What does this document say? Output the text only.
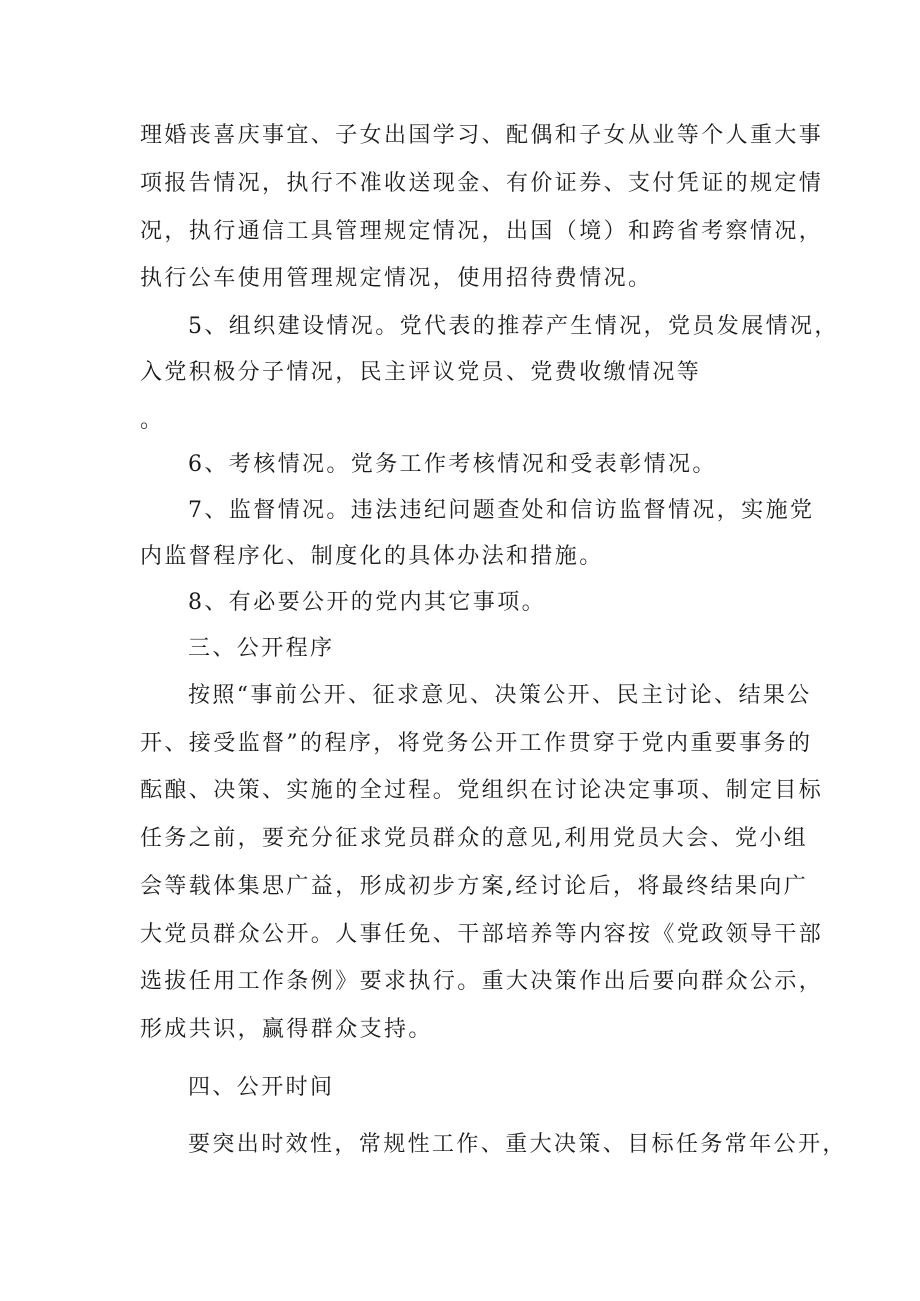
理婚丧喜庆事宜、子女出国学习、配偶和子女从业等个人重大事
项报告情况，执行不准收送现金、有价证券、支付凭证的规定情
况，执行通信工具管理规定情况，出国（境）和跨省考察情况，
执行公车使用管理规定情况，使用招待费情况。
5、组织建设情况。党代表的推荐产生情况，党员发展情况，
入党积极分子情况，民主评议党员、党费收缴情况等
。
6、考核情况。党务工作考核情况和受表彰情况。
7、监督情况。违法违纪问题查处和信访监督情况，实施党
内监督程序化、制度化的具体办法和措施。
8、有必要公开的党内其它事项。
三、公开程序
按照“事前公开、征求意见、决策公开、民主讨论、结果公
开、接受监督”的程序，将党务公开工作贯穿于党内重要事务的
酝酿、决策、实施的全过程。党组织在讨论决定事项、制定目标
任务之前，要充分征求党员群众的意见,利用党员大会、党小组
会等载体集思广益，形成初步方案,经讨论后，将最终结果向广
大党员群众公开。人事任免、干部培养等内容按《党政领导干部
选拔任用工作条例》要求执行。重大决策作出后要向群众公示，
形成共识，赢得群众支持。
四、公开时间
要突出时效性，常规性工作、重大决策、目标任务常年公开，
